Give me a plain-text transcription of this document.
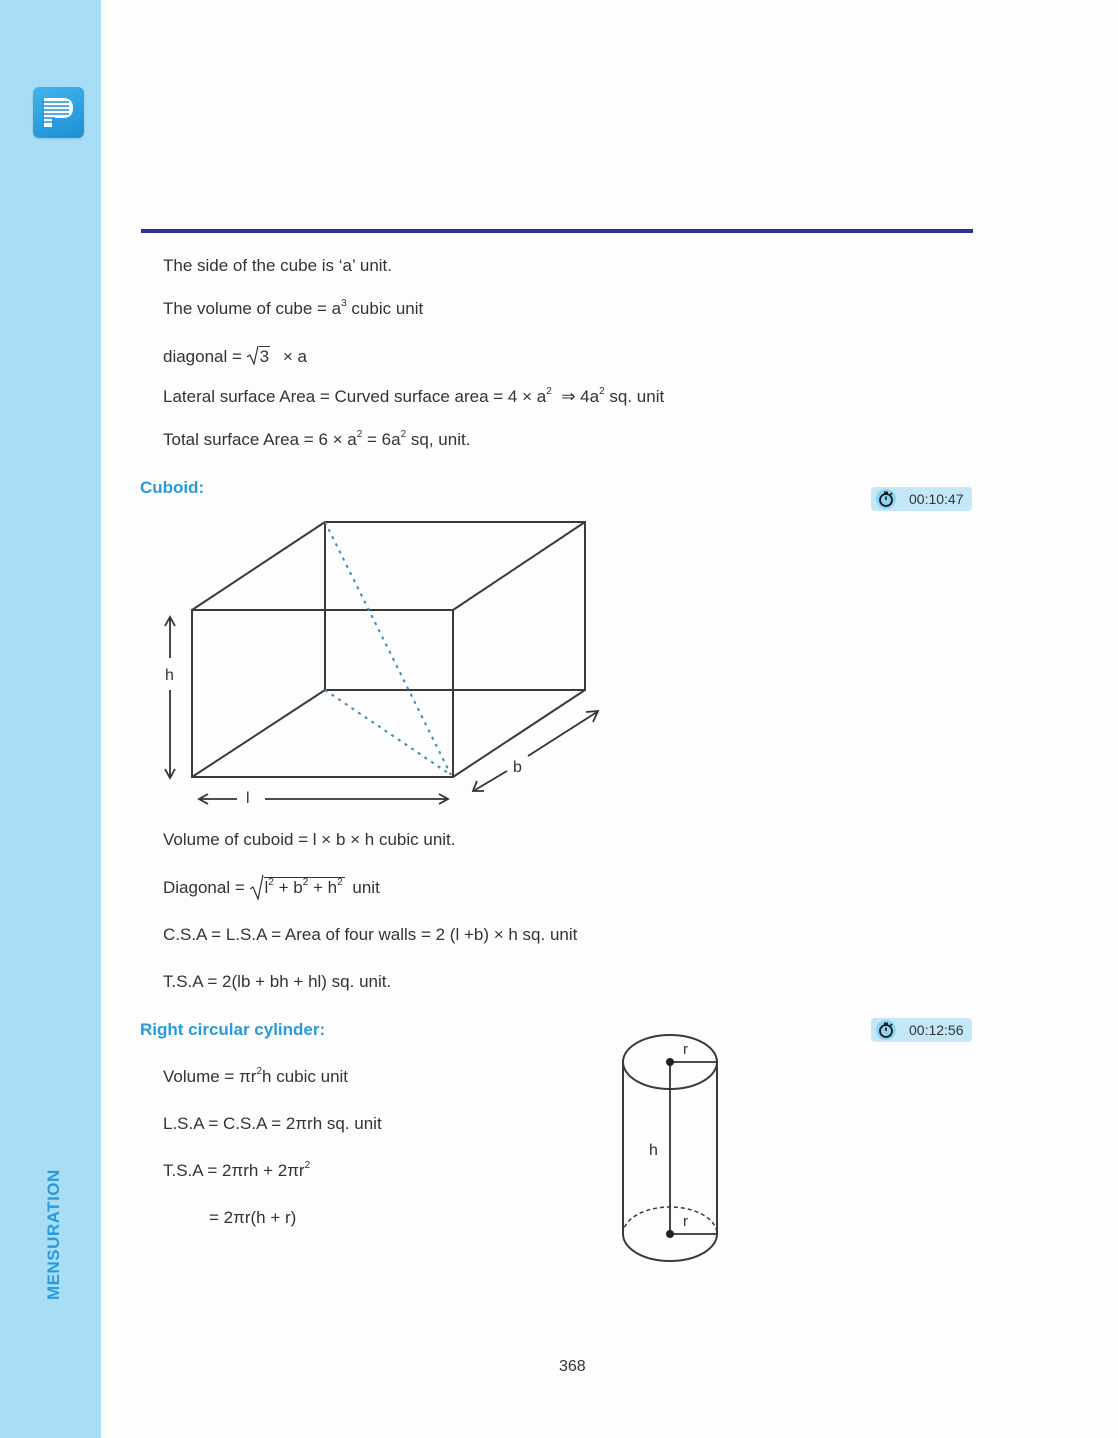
MENSURATION
The side of the cube is ‘a’ unit.
The volume of cube = $a^3$ cubic unit
diagonal = 3 × a
Lateral surface Area = Curved surface area = $4 \times a^2$  ⇒ $4a^2$ sq. unit
Total surface Area = $6 \times a^2 = 6a^2$ sq, unit.
Cuboid:
00:10:47
h
l
b
Volume of cuboid = l × b × h cubic unit.
Diagonal = $l^2 + b^2 + h^2$ unit
C.S.A = L.S.A = Area of four walls = 2 (l +b) × h sq. unit
T.S.A = 2(lb + bh + hl) sq. unit.
Right circular cylinder:	00:12:56
Volume = $\pi r^2h$ cubic unit
L.S.A = C.S.A = 2πrh sq. unit
$T.S.A = 2\pi rh + 2\pi r^2$
= 2πr(h + r)
r
h
r
368
